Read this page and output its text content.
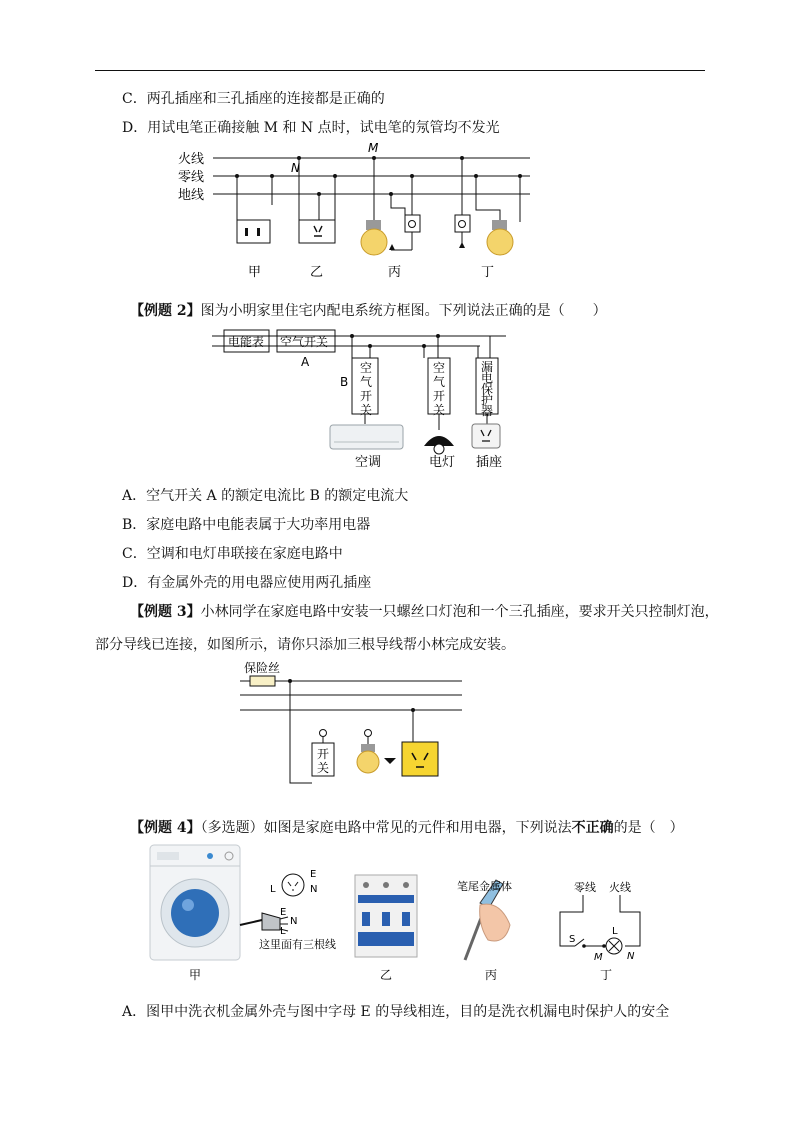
C．两孔插座和三孔插座的连接都是正确的
D．用试电笔正确接触 M 和 N 点时，试电笔的氖管均不发光
火线
零线
地线
M
N
甲	乙	丙	丁
【例题 2】图为小明家里住宅内配电系统方框图。下列说法正确的是（　　）
电能表 空气开关
A
B
空气开关
空气开关
漏电保护器
空调	电灯 插座
A．空气开关 A 的额定电流比 B 的额定电流大
B．家庭电路中电能表属于大功率用电器
C．空调和电灯串联接在家庭电路中
D．有金属外壳的用电器应使用两孔插座
【例题 3】小林同学在家庭电路中安装一只螺丝口灯泡和一个三孔插座，要求开关只控制灯泡，
部分导线已连接，如图所示，请你只添加三根导线帮小林完成安装。
保险丝
开关
【例题 4】（多选题）如图是家庭电路中常见的元件和用电器，下列说法不正确的是（　）
E
N
L
E
N
L
这里面有三根线
笔尾金属体	零线 火线
S
L
M N
甲	乙	丙	丁
A．图甲中洗衣机金属外壳与图中字母 E 的导线相连，目的是洗衣机漏电时保护人的安全
